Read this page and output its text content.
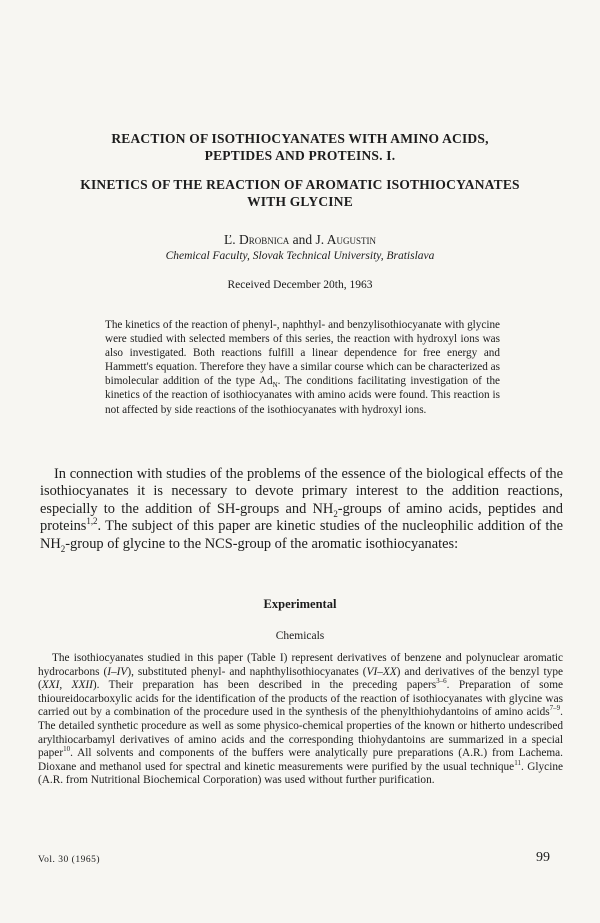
REACTION OF ISOTHIOCYANATES WITH AMINO ACIDS,
PEPTIDES AND PROTEINS. I.
KINETICS OF THE REACTION OF AROMATIC ISOTHIOCYANATES
WITH GLYCINE
Ľ. Drobnica and J. Augustin
Chemical Faculty, Slovak Technical University, Bratislava
Received December 20th, 1963

The kinetics of the reaction of phenyl-, naphthyl- and benzylisothiocyanate with glycine were studied with selected members of this series, the reaction with hydroxyl ions was also investigated. Both reactions fulfill a linear dependence for free energy and Hammett's equation. Therefore they have a similar course which can be characterized as bimolecular addition of the type $Ad_N$. The conditions facilitating investigation of the kinetics of the reaction of isothiocyanates with amino acids were found. This reaction is not affected by side reactions of the isothiocyanates with hydroxyl ions.

In connection with studies of the problems of the essence of the biological effects of the isothiocyanates it is necessary to devote primary interest to the addition reactions, especially to the addition of SH-groups and $NH_2$-groups of amino acids, peptides and proteins$^{1,2}$. The subject of this paper are kinetic studies of the nucleophilic addition of the $NH_2$-group of glycine to the NCS-group of the aromatic isothiocyanates:

Experimental
Chemicals

The isothiocyanates studied in this paper (Table I) represent derivatives of benzene and polynuclear aromatic hydrocarbons (I–IV), substituted phenyl- and naphthylisothiocyanates (VI–XX) and derivatives of the benzyl type (XXI, XXII). Their preparation has been described in the preceding papers$^{3-6}$. Preparation of some thioureidocarboxylic acids for the identification of the products of the reaction of isothiocyanates with glycine was carried out by a combination of the procedure used in the synthesis of the phenylthiohydantoins of amino acids$^{7-9}$. The detailed synthetic procedure as well as some physico-chemical properties of the known or hitherto undescribed arylthiocarbamyl derivatives of amino acids and the corresponding thiohydantoins are summarized in a special paper$^{10}$. All solvents and components of the buffers were analytically pure preparations (A.R.) from Lachema. Dioxane and methanol used for spectral and kinetic measurements were purified by the usual technique$^{11}$. Glycine (A.R. from Nutritional Biochemical Corporation) was used without further purification.

Vol. 30 (1965)	99
